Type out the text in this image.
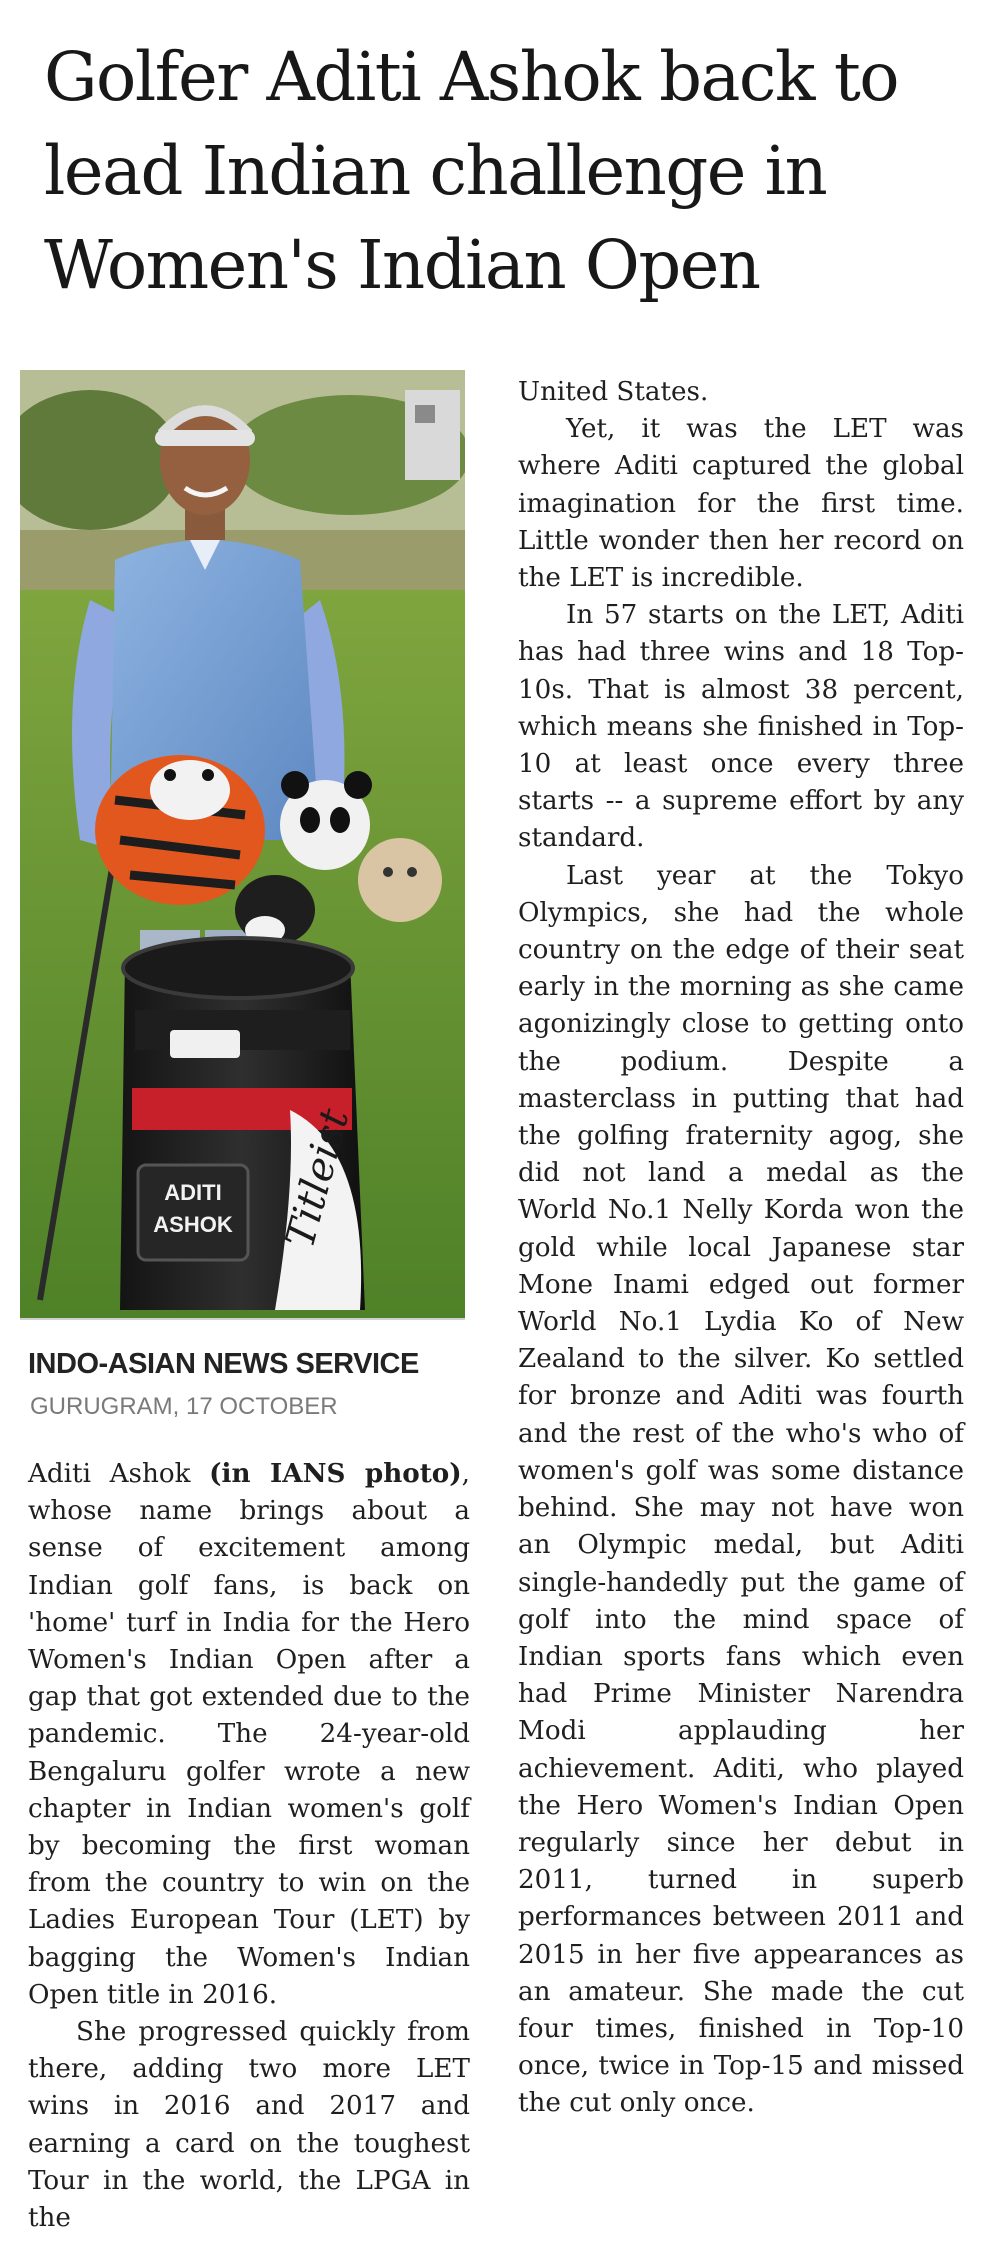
Golfer Aditi Ashok back to lead Indian challenge in Women's Indian Open
Titleist
ADITI
ASHOK
INDO-ASIAN NEWS SERVICE
GURUGRAM, 17 OCTOBER

Aditi Ashok (in IANS photo), whose name brings about a sense of excitement among Indian golf fans, is back on 'home' turf in India for the Hero Women's Indian Open after a gap that got extended due to the pandemic. The 24-year-old Bengaluru golfer wrote a new chapter in Indian women's golf by becoming the first woman from the country to win on the Ladies European Tour (LET) by bagging the Women's Indian Open title in 2016.

She progressed quickly from there, adding two more LET wins in 2016 and 2017 and earning a card on the toughest Tour in the world, the LPGA in the

United States.

Yet, it was the LET was where Aditi captured the global imagination for the first time. Little wonder then her record on the LET is incredible.

In 57 starts on the LET, Aditi has had three wins and 18 Top-10s. That is almost 38 percent, which means she finished in Top-10 at least once every three starts -- a supreme effort by any standard.

Last year at the Tokyo Olympics, she had the whole country on the edge of their seat early in the morning as she came agonizingly close to getting onto the podium. Despite a masterclass in putting that had the golfing fraternity agog, she did not land a medal as the World No.1 Nelly Korda won the gold while local Japanese star Mone Inami edged out former World No.1 Lydia Ko of New Zealand to the silver. Ko settled for bronze and Aditi was fourth and the rest of the who's who of women's golf was some distance behind. She may not have won an Olympic medal, but Aditi single-handedly put the game of golf into the mind space of Indian sports fans which even had Prime Minister Narendra Modi applauding her achievement. Aditi, who played the Hero Women's Indian Open regularly since her debut in 2011, turned in superb performances between 2011 and 2015 in her five appearances as an amateur. She made the cut four times, finished in Top-10 once, twice in Top-15 and missed the cut only once.
